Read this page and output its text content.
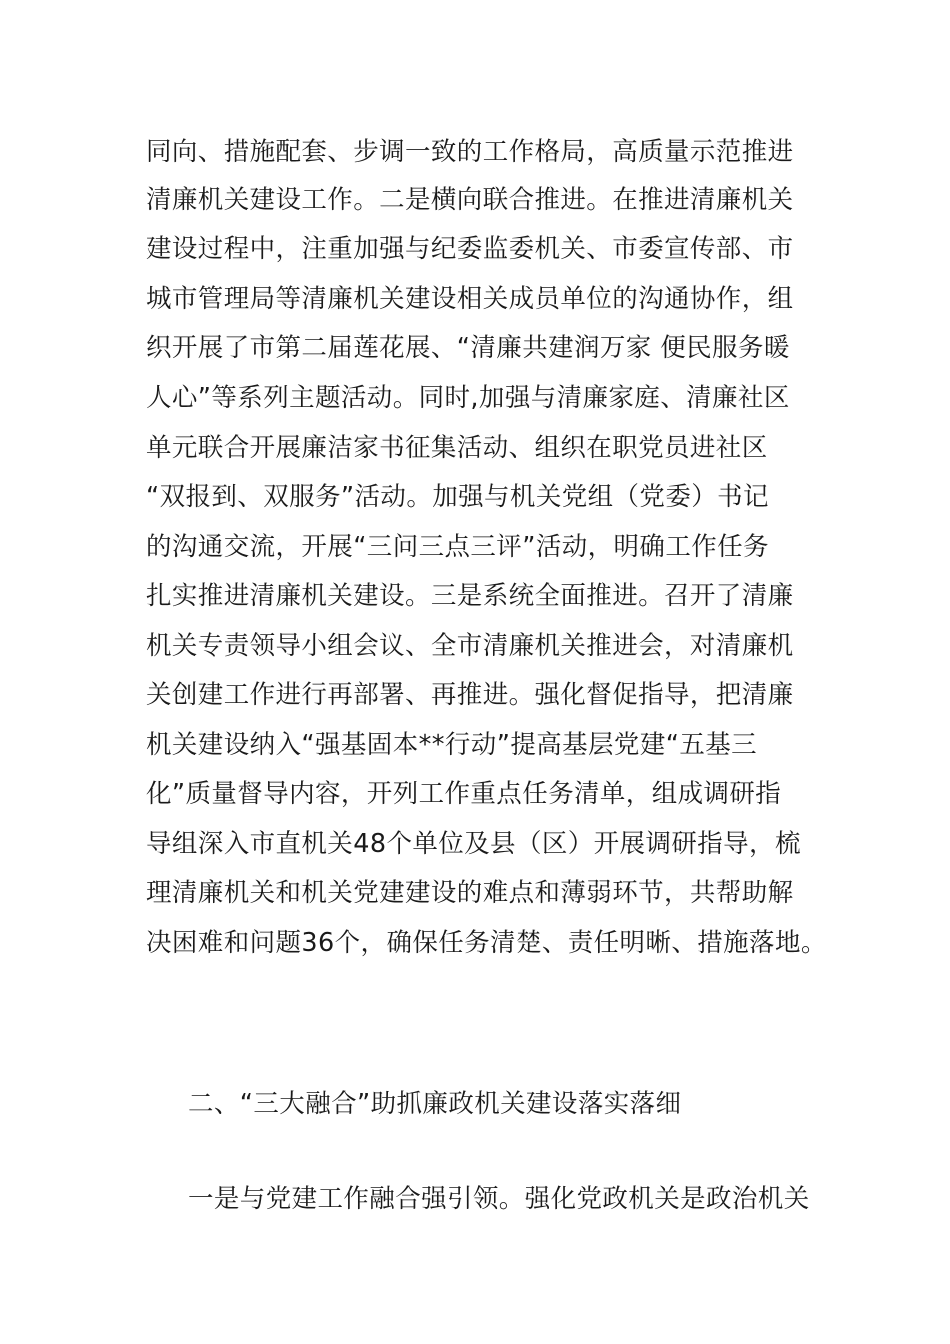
同向、措施配套、步调一致的工作格局，高质量示范推进
清廉机关建设工作。二是横向联合推进。在推进清廉机关
建设过程中，注重加强与纪委监委机关、市委宣传部、市
城市管理局等清廉机关建设相关成员单位的沟通协作，组
织开展了市第二届莲花展、“清廉共建润万家 便民服务暖
人心”等系列主题活动。同时,加强与清廉家庭、清廉社区
单元联合开展廉洁家书征集活动、组织在职党员进社区
“双报到、双服务”活动。加强与机关党组（党委）书记
的沟通交流，开展“三问三点三评”活动，明确工作任务
扎实推进清廉机关建设。三是系统全面推进。召开了清廉
机关专责领导小组会议、全市清廉机关推进会，对清廉机
关创建工作进行再部署、再推进。强化督促指导，把清廉
机关建设纳入“强基固本**行动”提高基层党建“五基三
化”质量督导内容，开列工作重点任务清单，组成调研指
导组深入市直机关48个单位及县（区）开展调研指导，梳
理清廉机关和机关党建建设的难点和薄弱环节，共帮助解
决困难和问题36个，确保任务清楚、责任明晰、措施落地。
二、“三大融合”助抓廉政机关建设落实落细
一是与党建工作融合强引领。强化党政机关是政治机关
